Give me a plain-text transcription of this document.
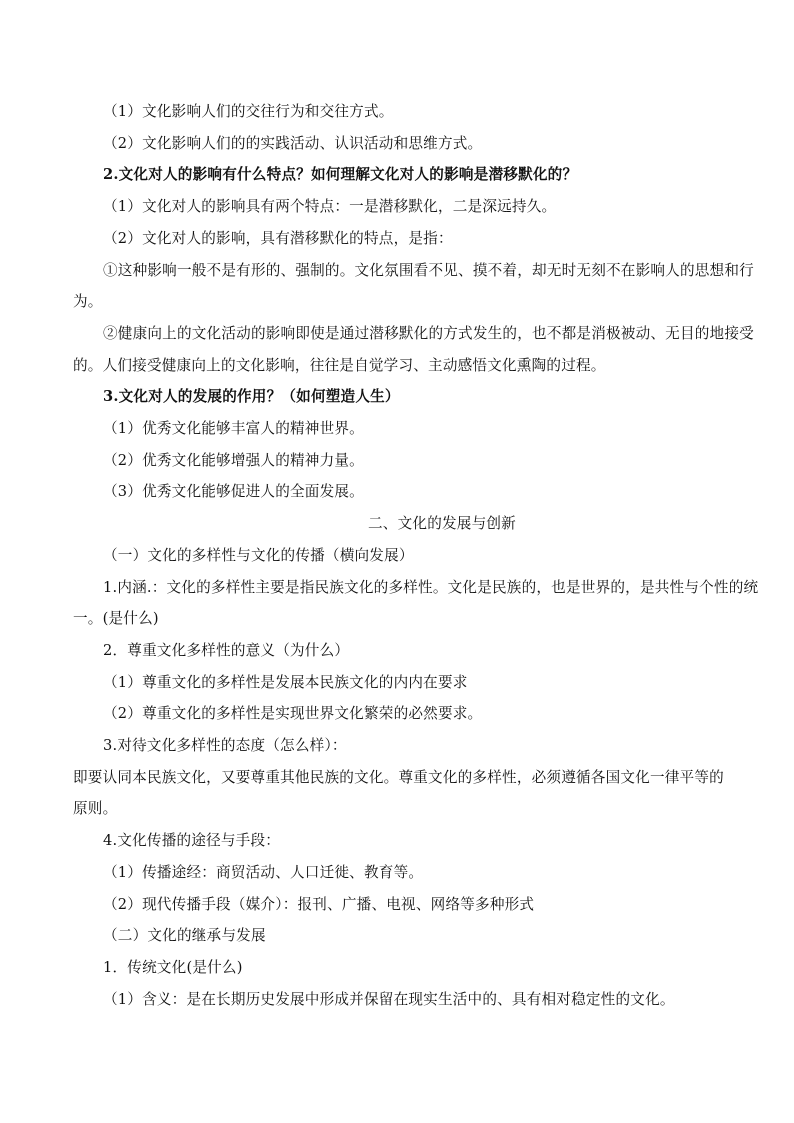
（1）文化影响人们的交往行为和交往方式。
（2）文化影响人们的的实践活动、认识活动和思维方式。
2.文化对人的影响有什么特点？如何理解文化对人的影响是潜移默化的？
（1）文化对人的影响具有两个特点：一是潜移默化，二是深远持久。
（2）文化对人的影响，具有潜移默化的特点，是指：
①这种影响一般不是有形的、强制的。文化氛围看不见、摸不着，却无时无刻不在影响人的思想和行
为。
②健康向上的文化活动的影响即使是通过潜移默化的方式发生的，也不都是消极被动、无目的地接受
的。人们接受健康向上的文化影响，往往是自觉学习、主动感悟文化熏陶的过程。
3.文化对人的发展的作用？（如何塑造人生）
（1）优秀文化能够丰富人的精神世界。
（2）优秀文化能够增强人的精神力量。
（3）优秀文化能够促进人的全面发展。
二、文化的发展与创新
（一）文化的多样性与文化的传播（横向发展）
1.内涵.：文化的多样性主要是指民族文化的多样性。文化是民族的，也是世界的，是共性与个性的统
一。(是什么)
2．尊重文化多样性的意义（为什么）
（1）尊重文化的多样性是发展本民族文化的内内在要求
（2）尊重文化的多样性是实现世界文化繁荣的必然要求。
3.对待文化多样性的态度（怎么样）：
即要认同本民族文化，又要尊重其他民族的文化。尊重文化的多样性，必须遵循各国文化一律平等的
原则。
4.文化传播的途径与手段：
（1）传播途经：商贸活动、人口迁徙、教育等。
（2）现代传播手段（媒介）：报刊、广播、电视、网络等多种形式
（二）文化的继承与发展
1．传统文化(是什么)
（1）含义：是在长期历史发展中形成并保留在现实生活中的、具有相对稳定性的文化。
